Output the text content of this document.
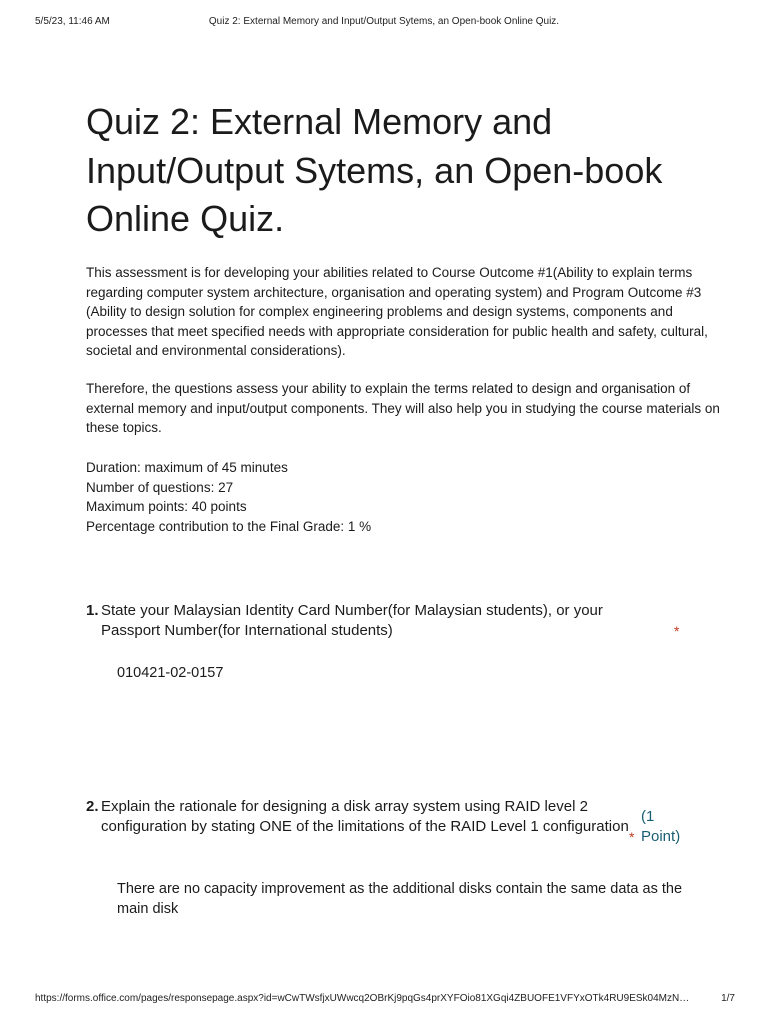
5/5/23, 11:46 AM	Quiz 2: External Memory and Input/Output Sytems, an Open-book Online Quiz.
Quiz 2: External Memory and Input/Output Sytems, an Open-book Online Quiz.

This assessment is for developing your abilities related to Course Outcome #1(Ability to explain terms regarding computer system architecture, organisation and operating system) and Program Outcome #3 (Ability to design solution for complex engineering problems and design systems, components and processes that meet specified needs with appropriate consideration for public health and safety, cultural, societal and environmental considerations).

Therefore, the questions assess your ability to explain the terms related to design and organisation of external memory and input/output components. They will also help you in studying the course materials on these topics.

Duration: maximum of 45 minutes
Number of questions: 27
Maximum points: 40 points
Percentage contribution to the Final Grade: 1 %
1. State your Malaysian Identity Card Number(for Malaysian students), or your Passport Number(for International students)	*

010421-02-0157

2. Explain the rationale for designing a disk array system using RAID level 2 configuration by stating ONE of the limitations of the RAID Level 1 configuration

(1
* Point)

There are no capacity improvement as the additional disks contain the same data as the main disk

https://forms.office.com/pages/responsepage.aspx?id=wCwTWsfjxUWwcq2OBrKj9pqGs4prXYFOio81XGqi4ZBUOFE1VFYxOTk4RU9ESk04MzN…	1/7
